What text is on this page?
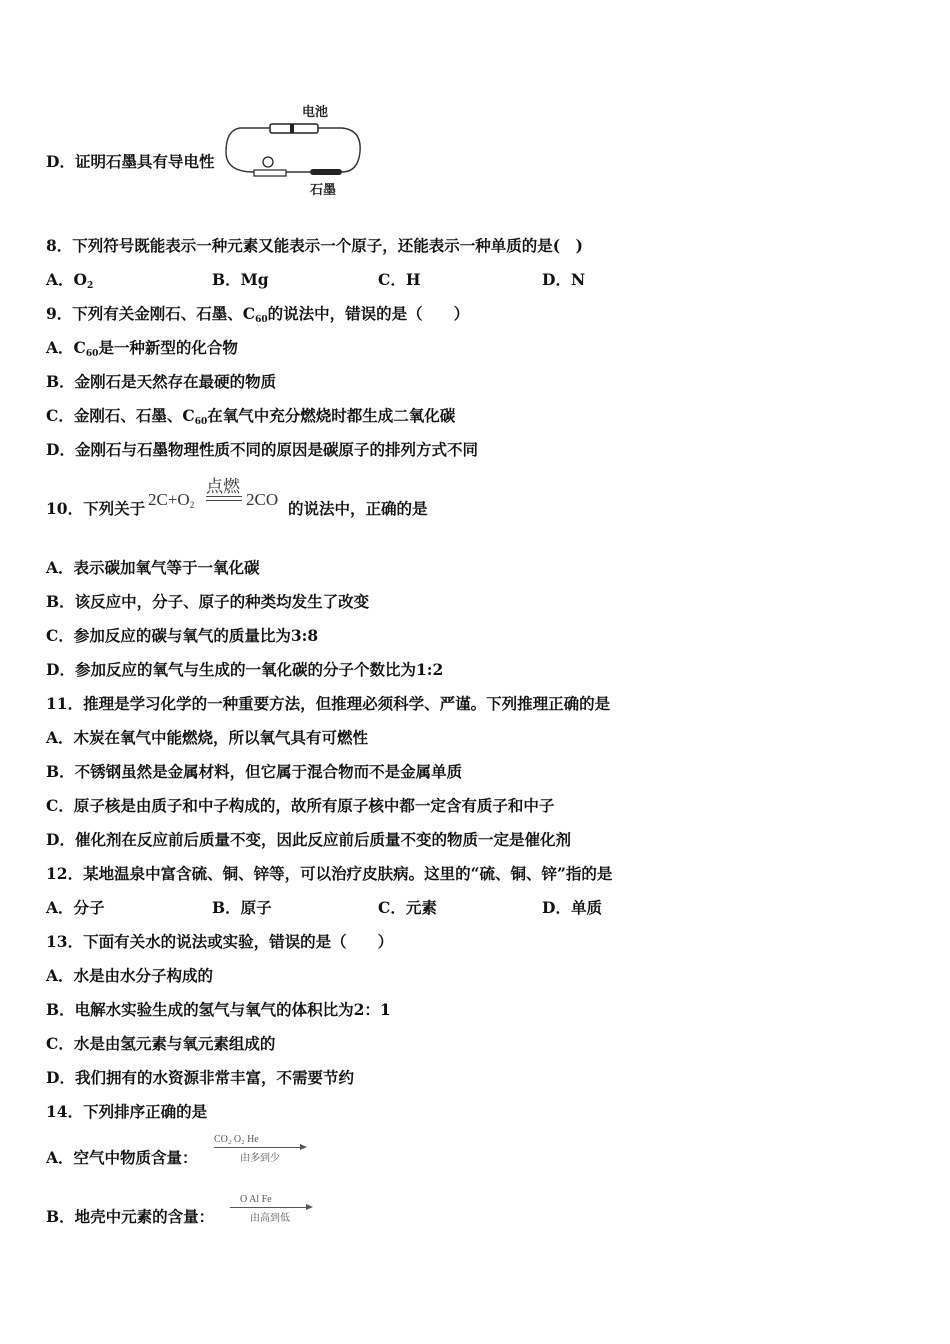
D．证明石墨具有导电性
电池
石墨
8．下列符号既能表示一种元素又能表示一个原子，还能表示一种单质的是(　)
A．$O_2$	B．Mg	C．H	D．N
9．下列有关金刚石、石墨、$C_{60}$的说法中，错误的是（　　）
A．$C_{60}$是一种新型的化合物
B．金刚石是天然存在最硬的物质
C．金刚石、石墨、$C_{60}$在氧气中充分燃烧时都生成二氧化碳
D．金刚石与石墨物理性质不同的原因是碳原子的排列方式不同
10．下列关于 $2C+O_2$
点燃
2CO 的说法中，正确的是
A．表示碳加氧气等于一氧化碳
B．该反应中，分子、原子的种类均发生了改变
C．参加反应的碳与氧气的质量比为3:8
D．参加反应的氧气与生成的一氧化碳的分子个数比为1:2
11．推理是学习化学的一种重要方法，但推理必须科学、严谨。下列推理正确的是
A．木炭在氧气中能燃烧，所以氧气具有可燃性
B．不锈钢虽然是金属材料，但它属于混合物而不是金属单质
C．原子核是由质子和中子构成的，故所有原子核中都一定含有质子和中子
D．催化剂在反应前后质量不变，因此反应前后质量不变的物质一定是催化剂
12．某地温泉中富含硫、铜、锌等，可以治疗皮肤病。这里的“硫、铜、锌”指的是
A．分子	B．原子	C．元素	D．单质
13．下面有关水的说法或实验，错误的是（　　）
A．水是由水分子构成的
B．电解水实验生成的氢气与氧气的体积比为2：1
C．水是由氢元素与氧元素组成的
D．我们拥有的水资源非常丰富，不需要节约
14．下列排序正确的是
A．空气中物质含量：
CO₂ O₂ He
由多到少
B．地壳中元素的含量：
O Al Fe
由高到低
